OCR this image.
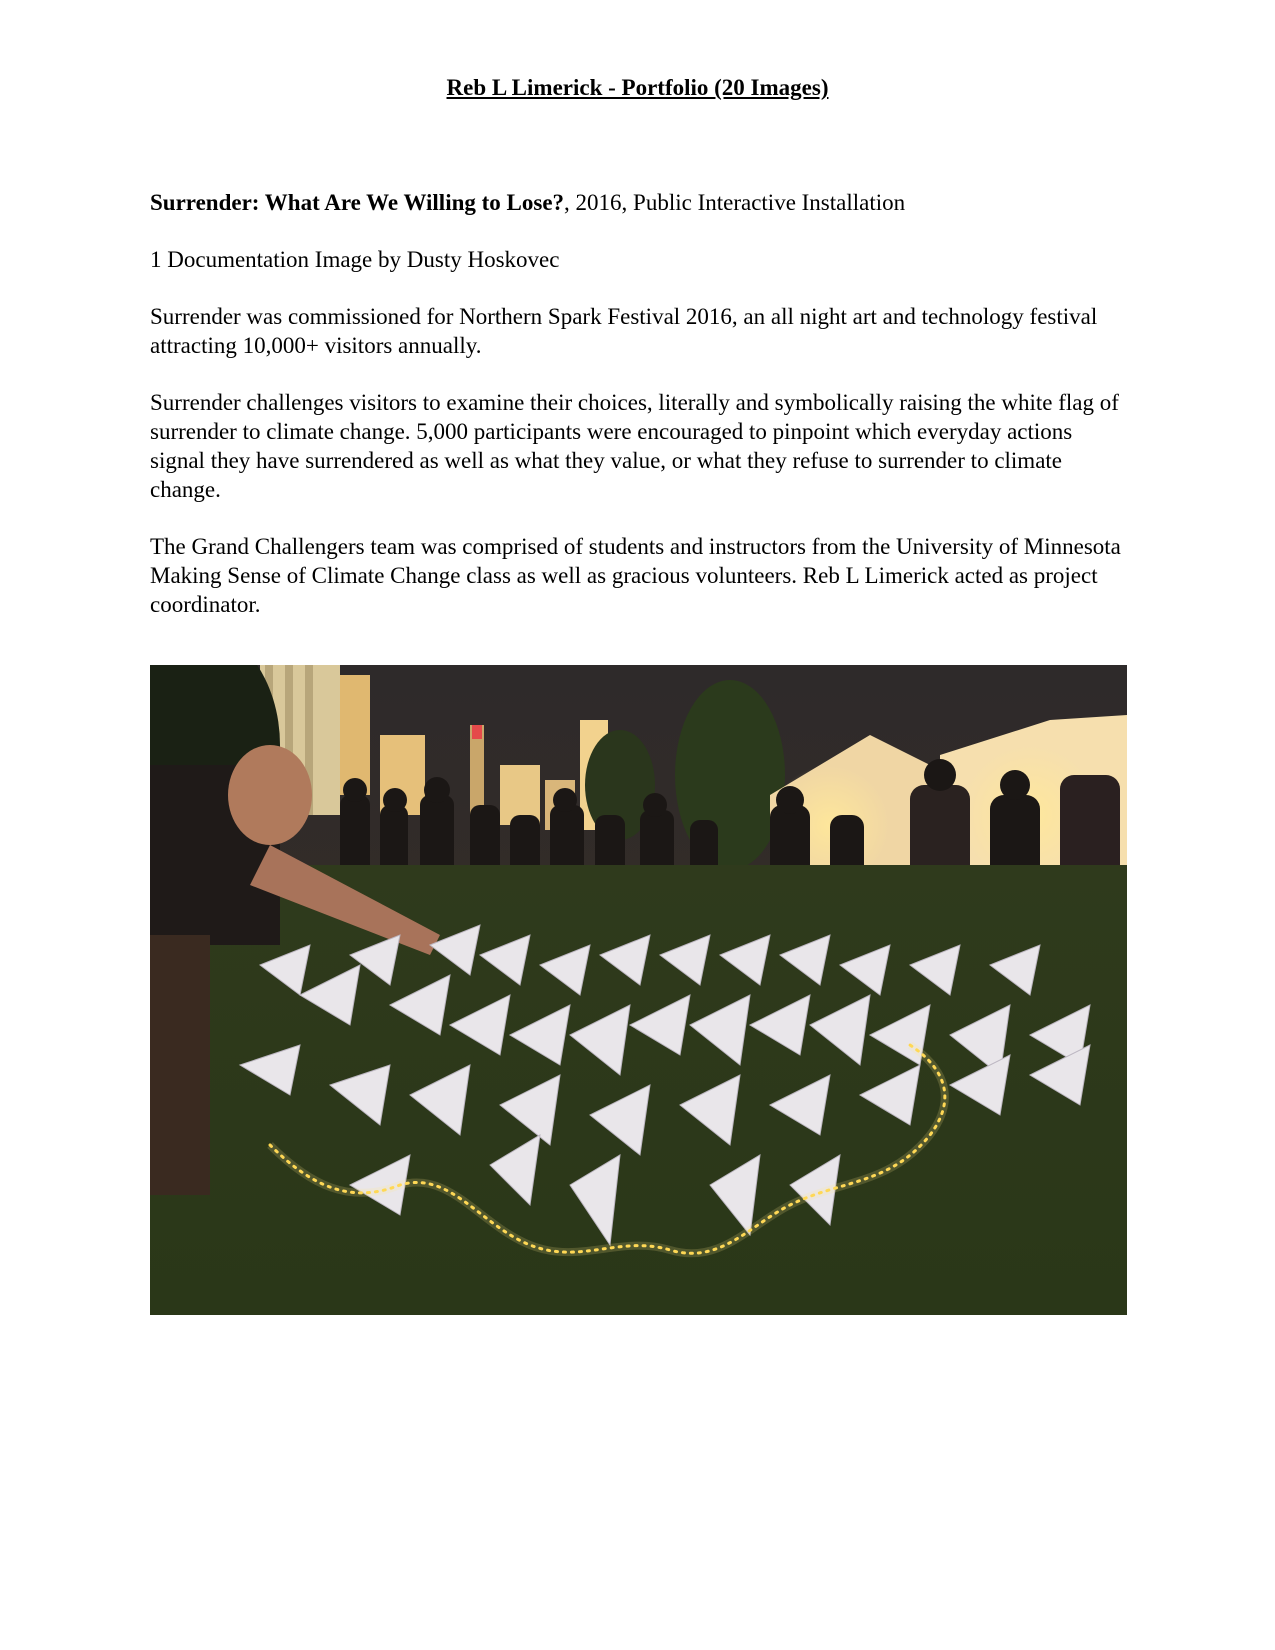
Reb L Limerick - Portfolio (20 Images)

Surrender: What Are We Willing to Lose?, 2016, Public Interactive Installation

1 Documentation Image by Dusty Hoskovec

Surrender was commissioned for Northern Spark Festival 2016, an all night art and technology festival attracting 10,000+ visitors annually.

Surrender challenges visitors to examine their choices, literally and symbolically raising the white flag of surrender to climate change. 5,000 participants were encouraged to pinpoint which everyday actions signal they have surrendered as well as what they value, or what they refuse to surrender to climate change.

The Grand Challengers team was comprised of students and instructors from the University of Minnesota Making Sense of Climate Change class as well as gracious volunteers. Reb L Limerick acted as project coordinator.
